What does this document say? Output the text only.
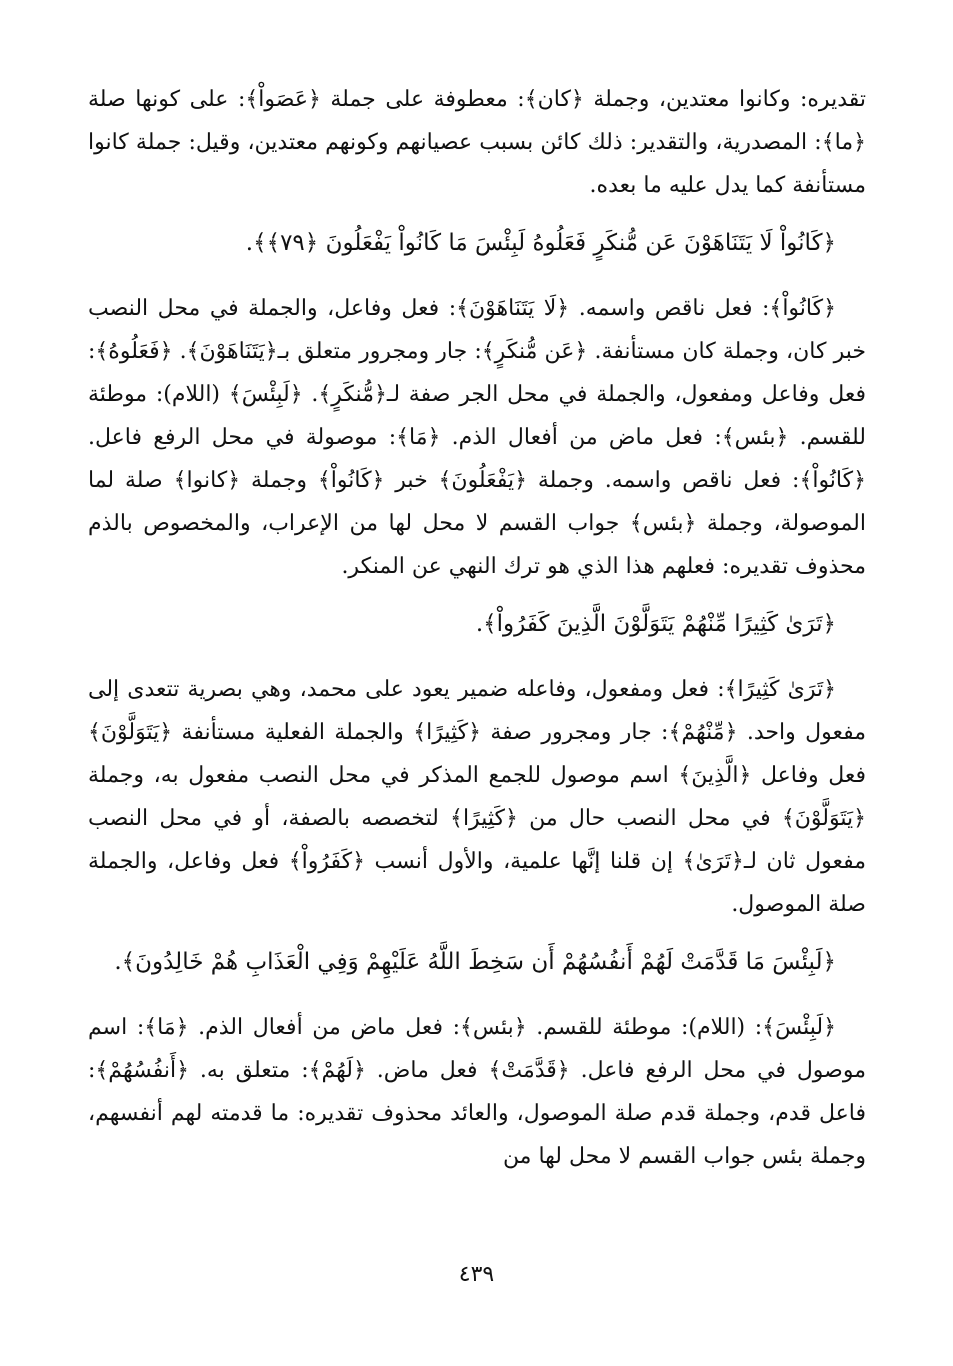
تقديره: وكانوا معتدين، وجملة ﴿كان﴾: معطوفة على جملة ﴿عَصَواْ﴾: على كونها صلة ﴿ما﴾: المصدرية، والتقدير: ذلك كائن بسبب عصيانهم وكونهم معتدين، وقيل: جملة كانوا مستأنفة كما يدل عليه ما بعده.

﴿كَانُواْ لَا يَتَنَاهَوْنَ عَن مُّنكَرٍ فَعَلُوهُ لَبِئْسَ مَا كَانُواْ يَفْعَلُونَ ﴿٧٩﴾﴾.

﴿كَانُواْ﴾: فعل ناقص واسمه. ﴿لَا يَتَنَاهَوْنَ﴾: فعل وفاعل، والجملة في محل النصب خبر كان، وجملة كان مستأنفة. ﴿عَن مُّنكَرٍ﴾: جار ومجرور متعلق بـ﴿يَتَنَاهَوْنَ﴾. ﴿فَعَلُوهُ﴾: فعل وفاعل ومفعول، والجملة في محل الجر صفة لـ﴿مُّنكَرٍ﴾. ﴿لَبِئْسَ﴾ (اللام): موطئة للقسم. ﴿بئس﴾: فعل ماض من أفعال الذم. ﴿مَا﴾: موصولة في محل الرفع فاعل. ﴿كَانُواْ﴾: فعل ناقص واسمه. وجملة ﴿يَفْعَلُونَ﴾ خبر ﴿كَانُواْ﴾ وجملة ﴿كانوا﴾ صلة لما الموصولة، وجملة ﴿بئس﴾ جواب القسم لا محل لها من الإعراب، والمخصوص بالذم محذوف تقديره: فعلهم هذا الذي هو ترك النهي عن المنكر.

﴿تَرَىٰ كَثِيرًا مِّنْهُمْ يَتَوَلَّوْنَ الَّذِينَ كَفَرُواْ﴾.

﴿تَرَىٰ كَثِيرًا﴾: فعل ومفعول، وفاعله ضمير يعود على محمد، وهي بصرية تتعدى إلى مفعول واحد. ﴿مِّنْهُمْ﴾: جار ومجرور صفة ﴿كَثِيرًا﴾ والجملة الفعلية مستأنفة ﴿يَتَوَلَّوْنَ﴾ فعل وفاعل ﴿الَّذِينَ﴾ اسم موصول للجمع المذكر في محل النصب مفعول به، وجملة ﴿يَتَوَلَّوْنَ﴾ في محل النصب حال من ﴿كَثِيرًا﴾ لتخصصه بالصفة، أو في محل النصب مفعول ثان لـ﴿تَرَىٰ﴾ إن قلنا إنَّها علمية، والأول أنسب ﴿كَفَرُواْ﴾ فعل وفاعل، والجملة صلة الموصول.

﴿لَبِئْسَ مَا قَدَّمَتْ لَهُمْ أَنفُسُهُمْ أَن سَخِطَ اللَّهُ عَلَيْهِمْ وَفِي الْعَذَابِ هُمْ خَالِدُونَ﴾.

﴿لَبِئْسَ﴾: (اللام): موطئة للقسم. ﴿بئس﴾: فعل ماض من أفعال الذم. ﴿مَا﴾: اسم موصول في محل الرفع فاعل. ﴿قَدَّمَتْ﴾ فعل ماض. ﴿لَهُمْ﴾: متعلق به. ﴿أَنفُسُهُمْ﴾: فاعل قدم، وجملة قدم صلة الموصول، والعائد محذوف تقديره: ما قدمته لهم أنفسهم، وجملة بئس جواب القسم لا محل لها من

٤٣٩
